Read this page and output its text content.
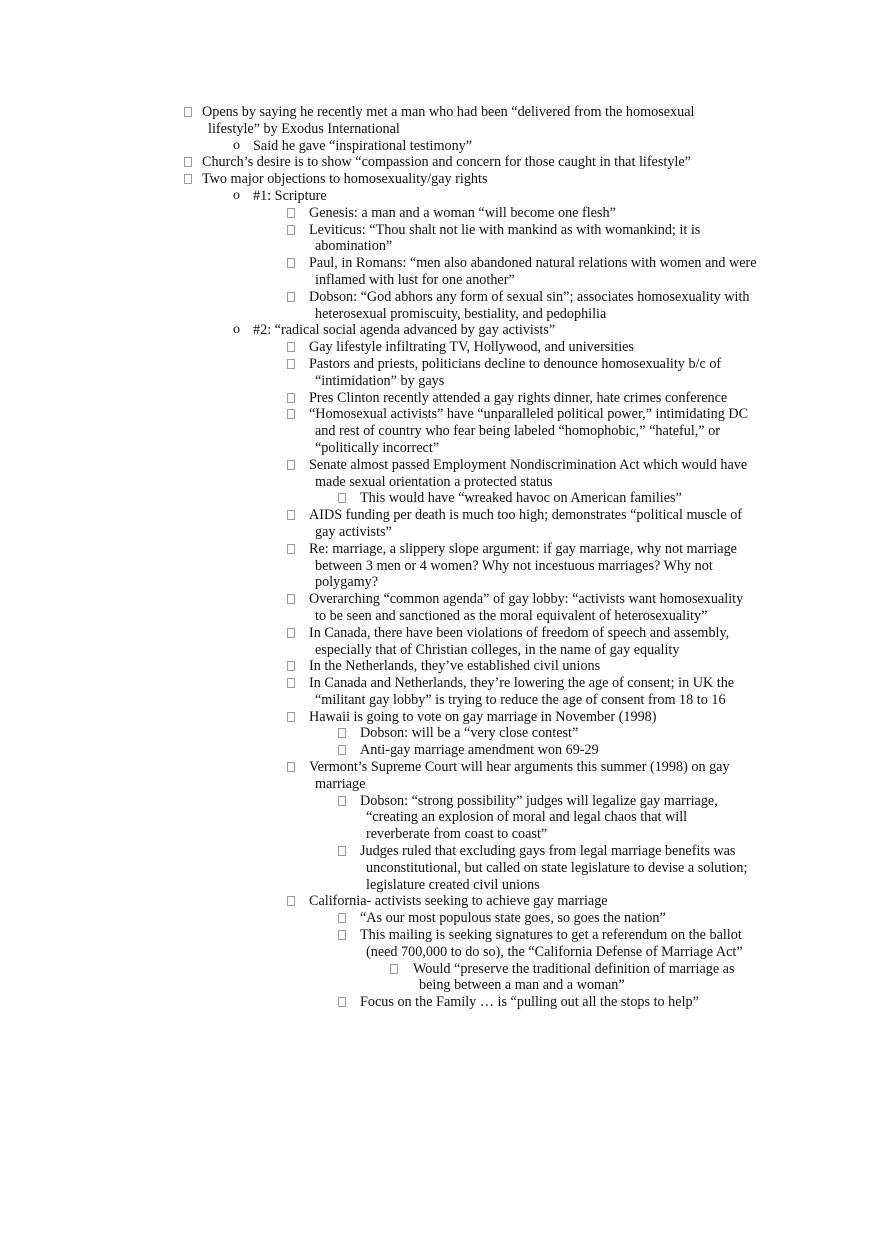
Opens by saying he recently met a man who had been “delivered from the homosexual lifestyle” by Exodus International
o Said he gave “inspirational testimony”
Church’s desire is to show “compassion and concern for those caught in that lifestyle”
Two major objections to homosexuality/gay rights
o #1: Scripture
Genesis: a man and a woman “will become one flesh”
Leviticus: “Thou shalt not lie with mankind as with womankind; it is abomination”
Paul, in Romans: “men also abandoned natural relations with women and were inflamed with lust for one another”
Dobson: “God abhors any form of sexual sin”; associates homosexuality with heterosexual promiscuity, bestiality, and pedophilia
o #2: “radical social agenda advanced by gay activists”
Gay lifestyle infiltrating TV, Hollywood, and universities
Pastors and priests, politicians decline to denounce homosexuality b/c of “intimidation” by gays
Pres Clinton recently attended a gay rights dinner, hate crimes conference
“Homosexual activists” have “unparalleled political power,” intimidating DC and rest of country who fear being labeled “homophobic,” “hateful,” or “politically incorrect”
Senate almost passed Employment Nondiscrimination Act which would have made sexual orientation a protected status
This would have “wreaked havoc on American families”
AIDS funding per death is much too high; demonstrates “political muscle of gay activists”
Re: marriage, a slippery slope argument: if gay marriage, why not marriage between 3 men or 4 women? Why not incestuous marriages? Why not polygamy?
Overarching “common agenda” of gay lobby: “activists want homosexuality to be seen and sanctioned as the moral equivalent of heterosexuality”
In Canada, there have been violations of freedom of speech and assembly, especially that of Christian colleges, in the name of gay equality
In the Netherlands, they’ve established civil unions
In Canada and Netherlands, they’re lowering the age of consent; in UK the “militant gay lobby” is trying to reduce the age of consent from 18 to 16
Hawaii is going to vote on gay marriage in November (1998)
Dobson: will be a “very close contest”
Anti-gay marriage amendment won 69-29
Vermont’s Supreme Court will hear arguments this summer (1998) on gay marriage
Dobson: “strong possibility” judges will legalize gay marriage, “creating an explosion of moral and legal chaos that will reverberate from coast to coast”
Judges ruled that excluding gays from legal marriage benefits was unconstitutional, but called on state legislature to devise a solution; legislature created civil unions
California- activists seeking to achieve gay marriage
“As our most populous state goes, so goes the nation”
This mailing is seeking signatures to get a referendum on the ballot (need 700,000 to do so), the “California Defense of Marriage Act”
Would “preserve the traditional definition of marriage as being between a man and a woman”
Focus on the Family … is “pulling out all the stops to help”
